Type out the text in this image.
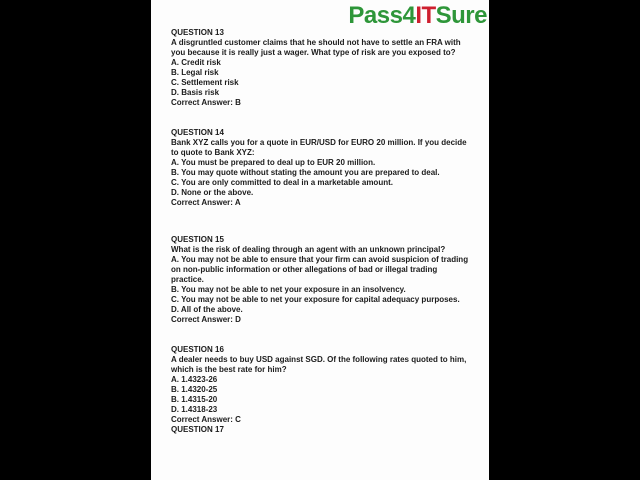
Pass4ITSure
QUESTION 13
A disgruntled customer claims that he should not have to settle an FRA with you because it is really just a wager. What type of risk are you exposed to?
A. Credit risk
B. Legal risk
C. Settlement risk
D. Basis risk
Correct Answer: B
QUESTION 14
Bank XYZ calls you for a quote in EUR/USD for EURO 20 million. If you decide to quote to Bank XYZ:
A. You must be prepared to deal up to EUR 20 million.
B. You may quote without stating the amount you are prepared to deal.
C. You are only committed to deal in a marketable amount.
D. None or the above.
Correct Answer: A
QUESTION 15
What is the risk of dealing through an agent with an unknown principal?
A. You may not be able to ensure that your firm can avoid suspicion of trading on non-public information or other allegations of bad or illegal trading practice.
B. You may not be able to net your exposure in an insolvency.
C. You may not be able to net your exposure for capital adequacy purposes.
D. All of the above.
Correct Answer: D
QUESTION 16
A dealer needs to buy USD against SGD. Of the following rates quoted to him, which is the best rate for him?
A. 1.4323-26
B. 1.4320-25
B. 1.4315-20
D. 1.4318-23
Correct Answer: C
QUESTION 17
